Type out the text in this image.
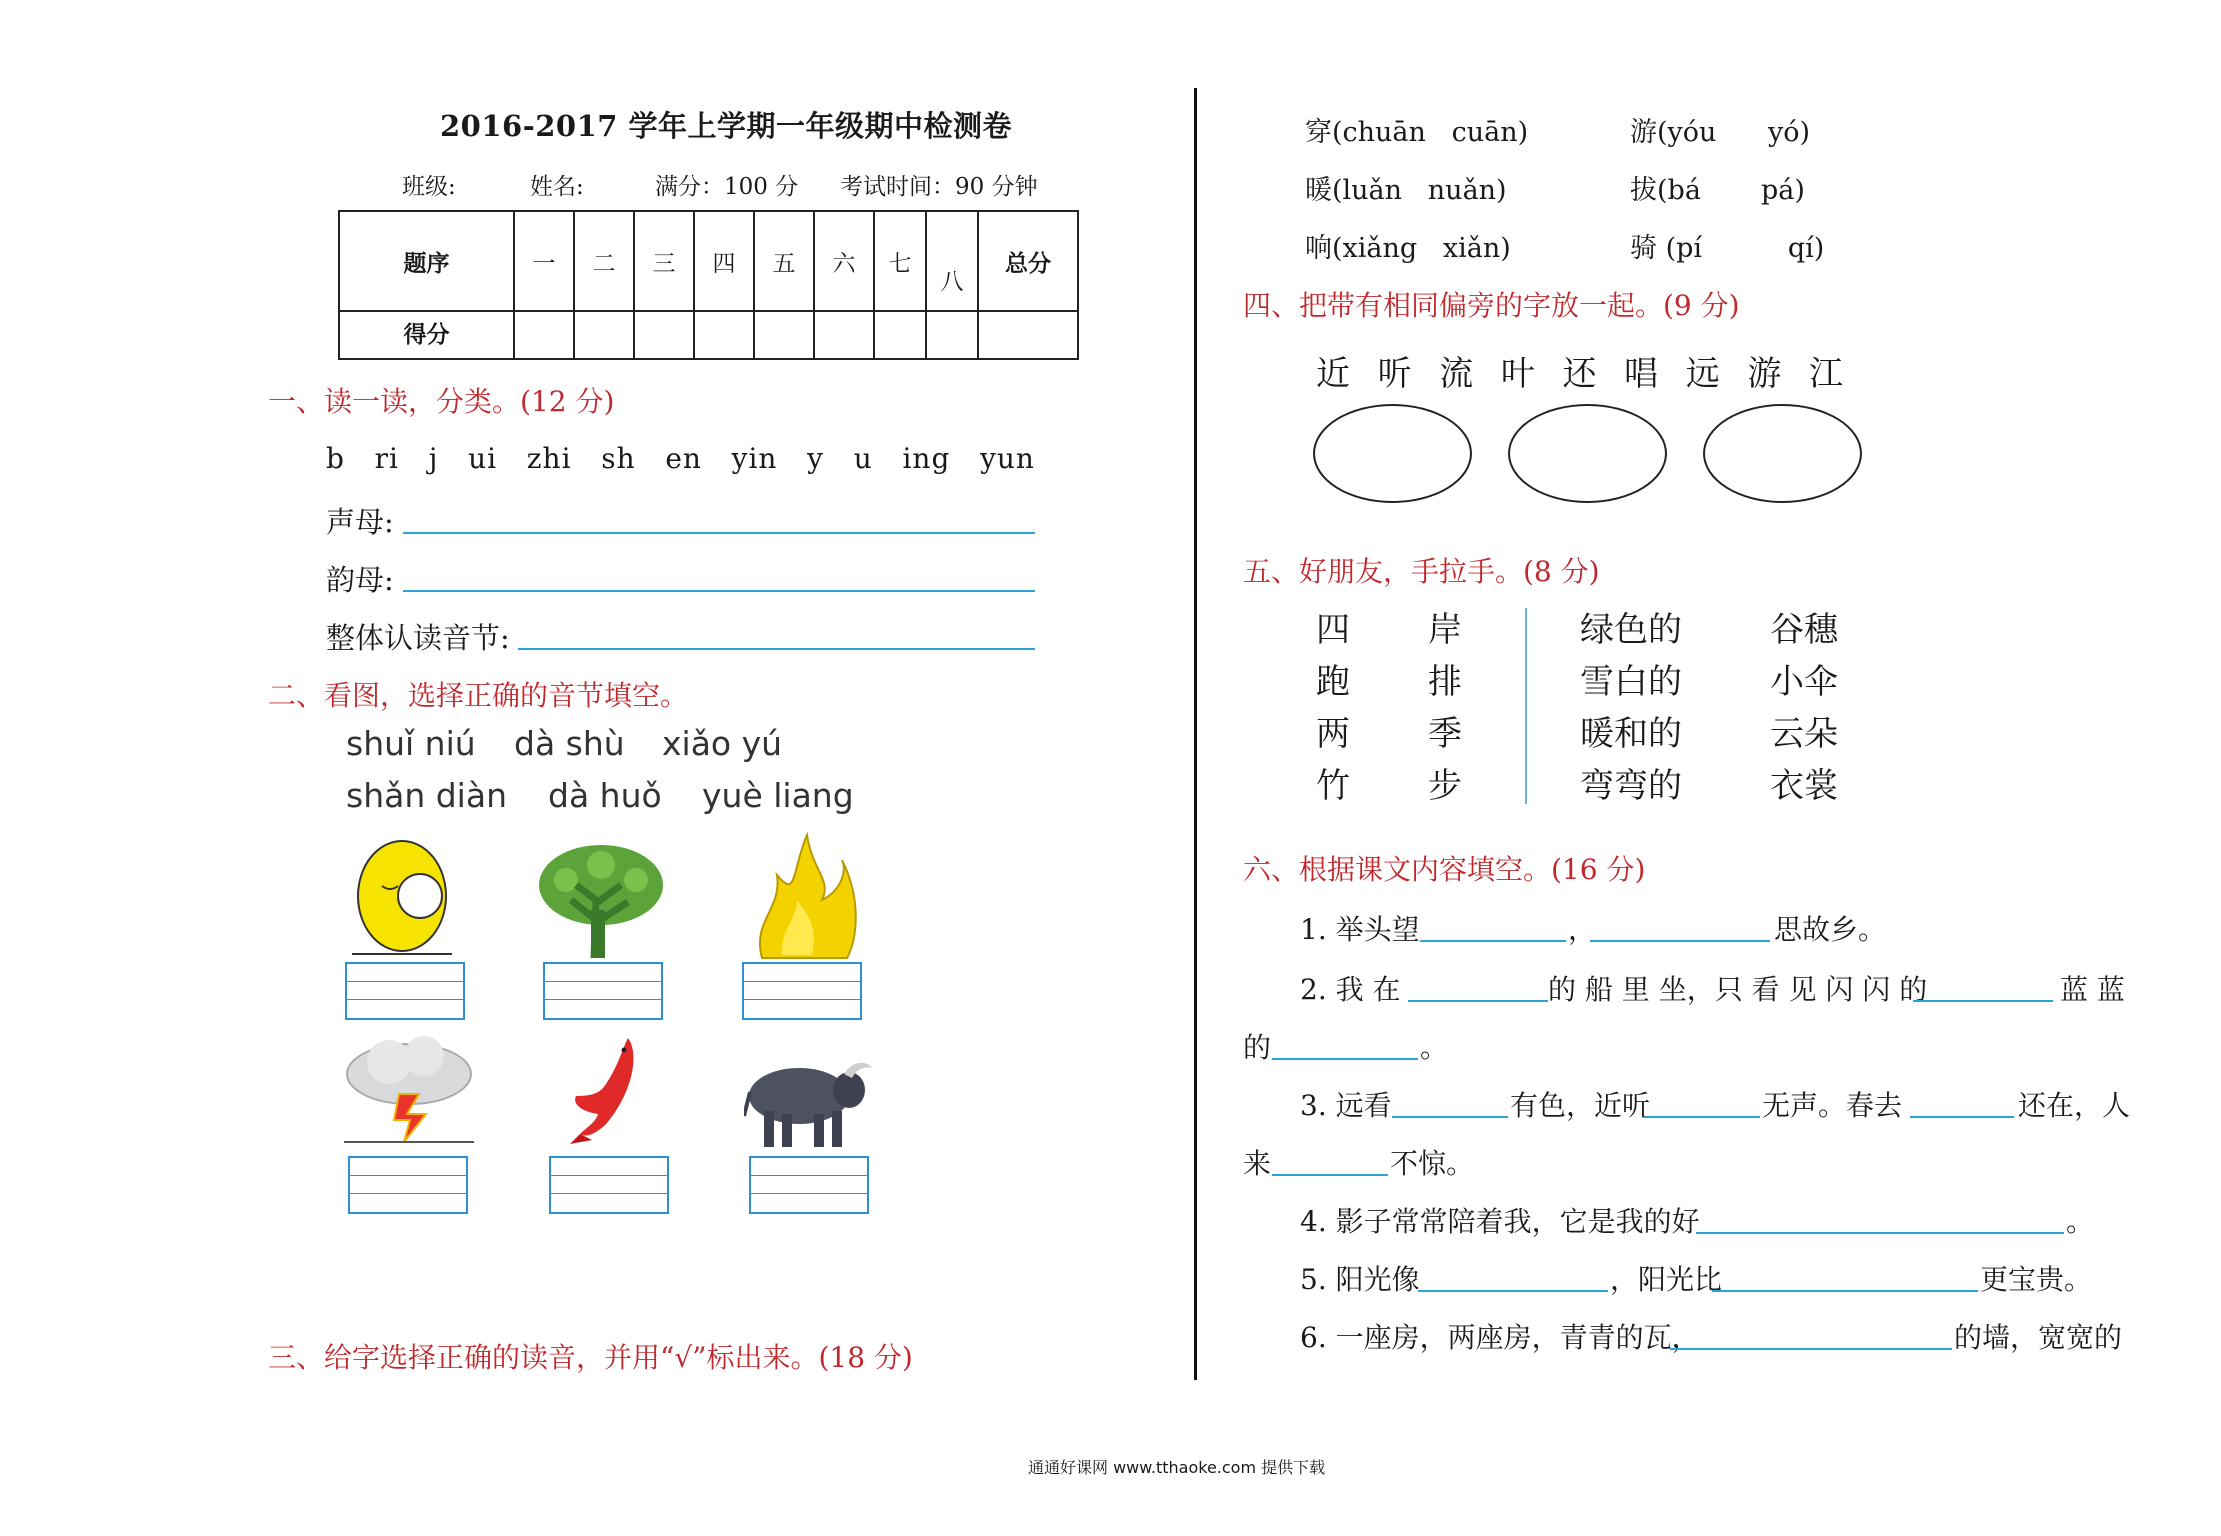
2016-2017 学年上学期一年级期中检测卷
班级:	姓名:	满分：100 分 考试时间：90 分钟
题序	一	二	三	四	五	六	七	八	总分
得分									
一、读一读，分类。(12 分)
b ri j ui zhi sh en yin y u ing yun
声母:
韵母:
整体认读音节:
二、看图，选择正确的音节填空。
shuǐ niú dà shù xiǎo yú
shǎn diàn dà huǒ yuè liang
三、给字选择正确的读音，并用“√”标出来。(18 分)
穿(chuān cuān)	游(yóu yó)
暖(luǎn nuǎn)	拔(bá pá)
响(xiǎng xiǎn)	骑 (pí	qí)
四、把带有相同偏旁的字放一起。(9 分)
近 听 流 叶 还 唱 远 游 江
五、好朋友，手拉手。(8 分)
四
跑
两
竹
岸
排
季
步
绿色的
雪白的
暖和的
弯弯的
谷穗
小伞
云朵
衣裳
六、根据课文内容填空。(16 分)
1. 举头望	，	思故乡。
2. 我 在	的 船 里 坐，只 看 见 闪 闪 的	蓝 蓝
的	。
3. 远看	有色，近听	无声。春去	还在，人
来	不惊。
4. 影子常常陪着我，它是我的好	。
5. 阳光像	，阳光比	更宝贵。
6. 一座房，两座房，青青的瓦，	的墙，宽宽的
通通好课网 www.tthaoke.com 提供下载
